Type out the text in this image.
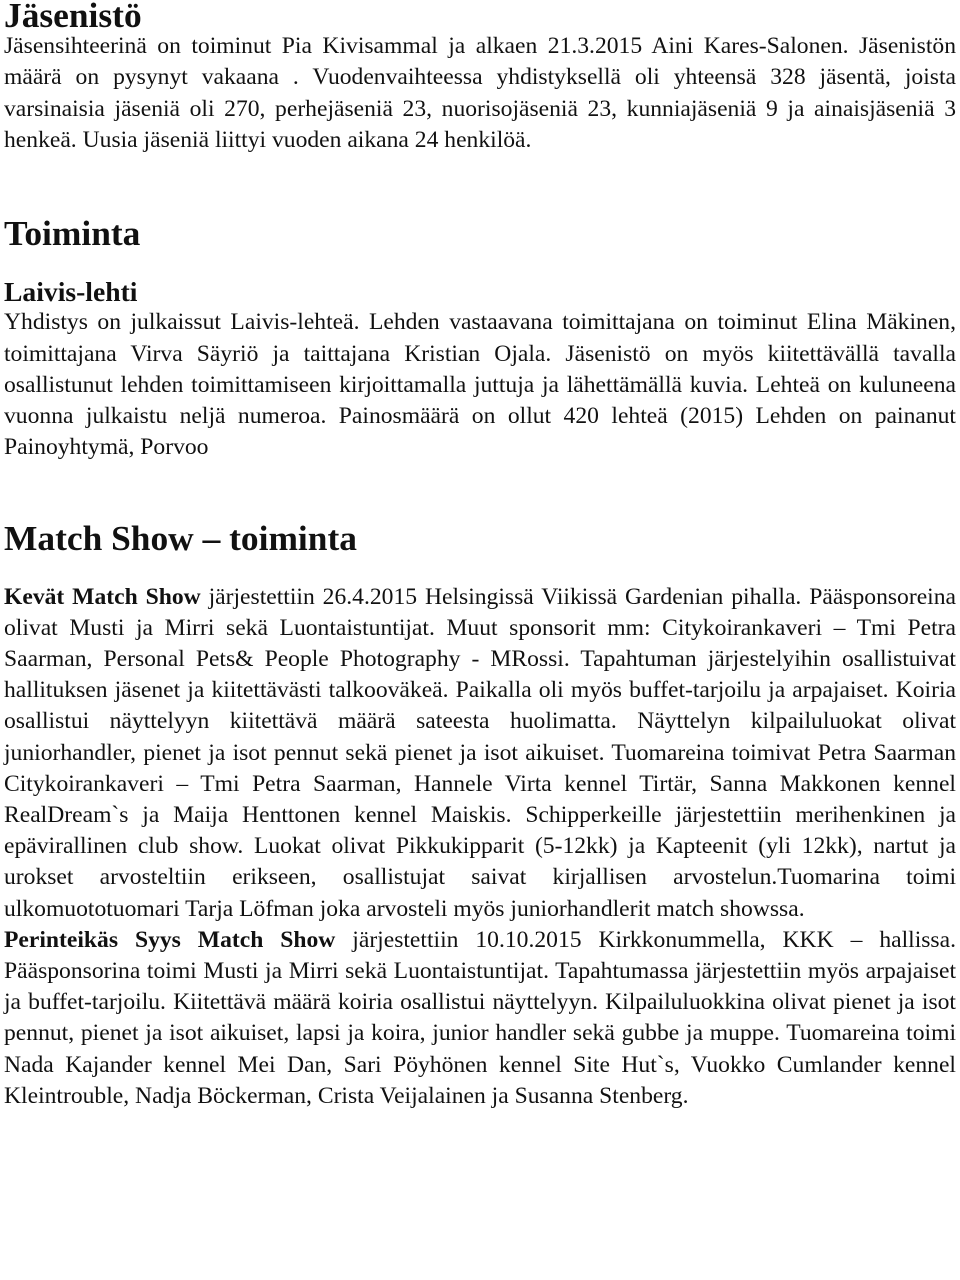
Jäsenistö

Jäsensihteerinä on toiminut Pia Kivisammal ja alkaen 21.3.2015 Aini Kares-Salonen. Jäsenistön määrä on pysynyt vakaana . Vuodenvaihteessa yhdistyksellä oli yhteensä 328 jäsentä, joista varsinaisia jäseniä oli 270, perhejäseniä 23, nuorisojäseniä 23, kunniajäseniä 9 ja ainaisjäseniä 3 henkeä. Uusia jäseniä liittyi vuoden aikana 24 henkilöä.

Toiminta
Laivis-lehti

Yhdistys on julkaissut Laivis-lehteä. Lehden vastaavana toimittajana on toiminut Elina Mäkinen, toimittajana Virva Säyriö ja taittajana Kristian Ojala. Jäsenistö on myös kiitettävällä tavalla osallistunut lehden toimittamiseen kirjoittamalla juttuja ja lähettämällä kuvia. Lehteä on kuluneena vuonna julkaistu neljä numeroa. Painosmäärä on ollut 420 lehteä (2015) Lehden on painanut Painoyhtymä, Porvoo

Match Show – toiminta

Kevät Match Show järjestettiin 26.4.2015 Helsingissä Viikissä Gardenian pihalla. Pääsponsoreina olivat Musti ja Mirri sekä Luontaistuntijat. Muut sponsorit mm: Citykoirankaveri – Tmi Petra Saarman, Personal Pets& People Photography - MRossi. Tapahtuman järjestelyihin osallistuivat hallituksen jäsenet ja kiitettävästi talkooväkeä. Paikalla oli myös buffet-tarjoilu ja arpajaiset. Koiria osallistui näyttelyyn kiitettävä määrä sateesta huolimatta. Näyttelyn kilpailuluokat olivat juniorhandler, pienet ja isot pennut sekä pienet ja isot aikuiset. Tuomareina toimivat Petra Saarman Citykoirankaveri – Tmi Petra Saarman, Hannele Virta kennel Tirtär, Sanna Makkonen kennel RealDream`s ja Maija Henttonen kennel Maiskis. Schipperkeille järjestettiin merihenkinen ja epävirallinen club show. Luokat olivat Pikkukipparit (5-12kk) ja Kapteenit (yli 12kk), nartut ja urokset arvosteltiin erikseen, osallistujat saivat kirjallisen arvostelun.Tuomarina toimi ulkomuototuomari Tarja Löfman joka arvosteli myös juniorhandlerit match showssa.

Perinteikäs Syys Match Show järjestettiin 10.10.2015 Kirkkonummella, KKK – hallissa. Pääsponsorina toimi Musti ja Mirri sekä Luontaistuntijat. Tapahtumassa järjestettiin myös arpajaiset ja buffet-tarjoilu. Kiitettävä määrä koiria osallistui näyttelyyn. Kilpailuluokkina olivat pienet ja isot pennut, pienet ja isot aikuiset, lapsi ja koira, junior handler sekä gubbe ja muppe. Tuomareina toimi Nada Kajander kennel Mei Dan, Sari Pöyhönen kennel Site Hut`s, Vuokko Cumlander kennel Kleintrouble, Nadja Böckerman, Crista Veijalainen ja Susanna Stenberg.
